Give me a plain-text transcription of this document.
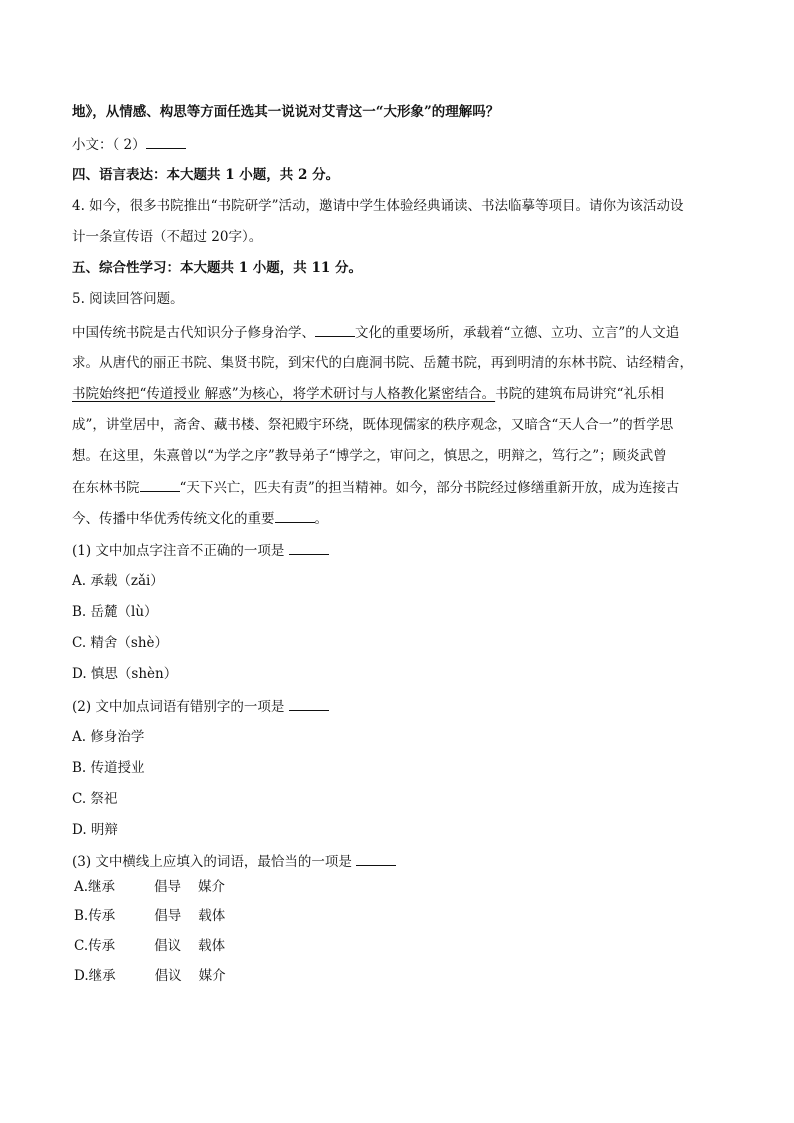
地》，从情感、构思等方面任选其一说说对艾青这一“大形象”的理解吗？
小文：（ 2）
四、语言表达：本大题共 1 小题，共 2 分。
4. 如今，很多书院推出“书院研学”活动，邀请中学生体验经典诵读、书法临摹等项目。请你为该活动设
计一条宣传语（不超过 20字）。
五、综合性学习：本大题共 1 小题，共 11 分。
5. 阅读回答问题。
中国传统书院是古代知识分子修身治学、	文化的重要场所，承载着“立德、立功、立言”的人文追
求。从唐代的丽正书院、集贤书院，到宋代的白鹿洞书院、岳麓书院，再到明清的东林书院、诂经精舍，
书院始终把“传道授业 解惑”为核心，将学术研讨与人格教化紧密结合。书院的建筑布局讲究“礼乐相
成”，讲堂居中，斋舍、藏书楼、祭祀殿宇环绕，既体现儒家的秩序观念，又暗含“天人合一”的哲学思
想。在这里，朱熹曾以“为学之序”教导弟子“博学之，审问之，慎思之，明辩之，笃行之”；顾炎武曾
在东林书院	“天下兴亡，匹夫有责”的担当精神。如今，部分书院经过修缮重新开放，成为连接古
今、传播中华优秀传统文化的重要	。
(1) 文中加点字注音不正确的一项是
A. 承载（zǎi）
B. 岳麓（lù）
C. 精舍（shè）
D. 慎思（shèn）
(2) 文中加点词语有错别字的一项是
A. 修身治学
B. 传道授业
C. 祭祀
D. 明辩
(3) 文中横线上应填入的词语，最恰当的一项是
A.继承	倡导 媒介
B.传承	倡导 载体
C.传承	倡议 载体
D.继承	倡议 媒介
